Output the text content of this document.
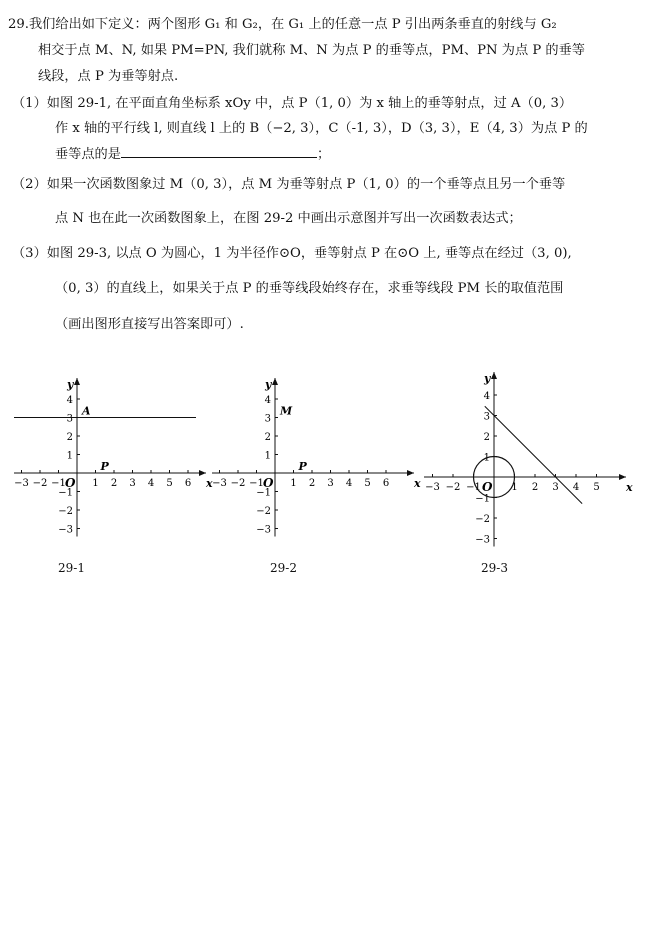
29.我们给出如下定义：两个图形 G₁ 和 G₂，在 G₁ 上的任意一点 P 引出两条垂直的射线与 G₂
相交于点 M、N, 如果 PM=PN, 我们就称 M、N 为点 P 的垂等点，PM、PN 为点 P 的垂等
线段，点 P 为垂等射点.
（1）如图 29-1, 在平面直角坐标系 xOy 中，点 P（1, 0）为 x 轴上的垂等射点，过 A（0, 3）
作 x 轴的平行线 l, 则直线 l 上的 B（−2, 3），C（-1, 3），D（3, 3），E（4, 3）为点 P 的
垂等点的是	；
（2）如果一次函数图象过 M（0, 3），点 M 为垂等射点 P（1, 0）的一个垂等点且另一个垂等
点 N 也在此一次函数图象上，在图 29-2 中画出示意图并写出一次函数表达式；
（3）如图 29-3, 以点 O 为圆心，1 为半径作⊙O，垂等射点 P 在⊙O 上, 垂等点在经过（3, 0),
（0, 3）的直线上，如果关于点 P 的垂等线段始终存在，求垂等线段 PM 长的取值范围
（画出图形直接写出答案即可）.
x
y
O
−3 −2 −1	1 2 3 4 5 6
4
3
2
1
−1
−2
−3
A
P
29-1
x
y
O
−3 −2 −1	1 2 3 4 5 6
4
3
2
1
−1
−2
−3
M
P
29-2
x
y
O
−3 −2 −1	1 2 3 4 5
4
3
2
1
−1
−2
−3
29-3
